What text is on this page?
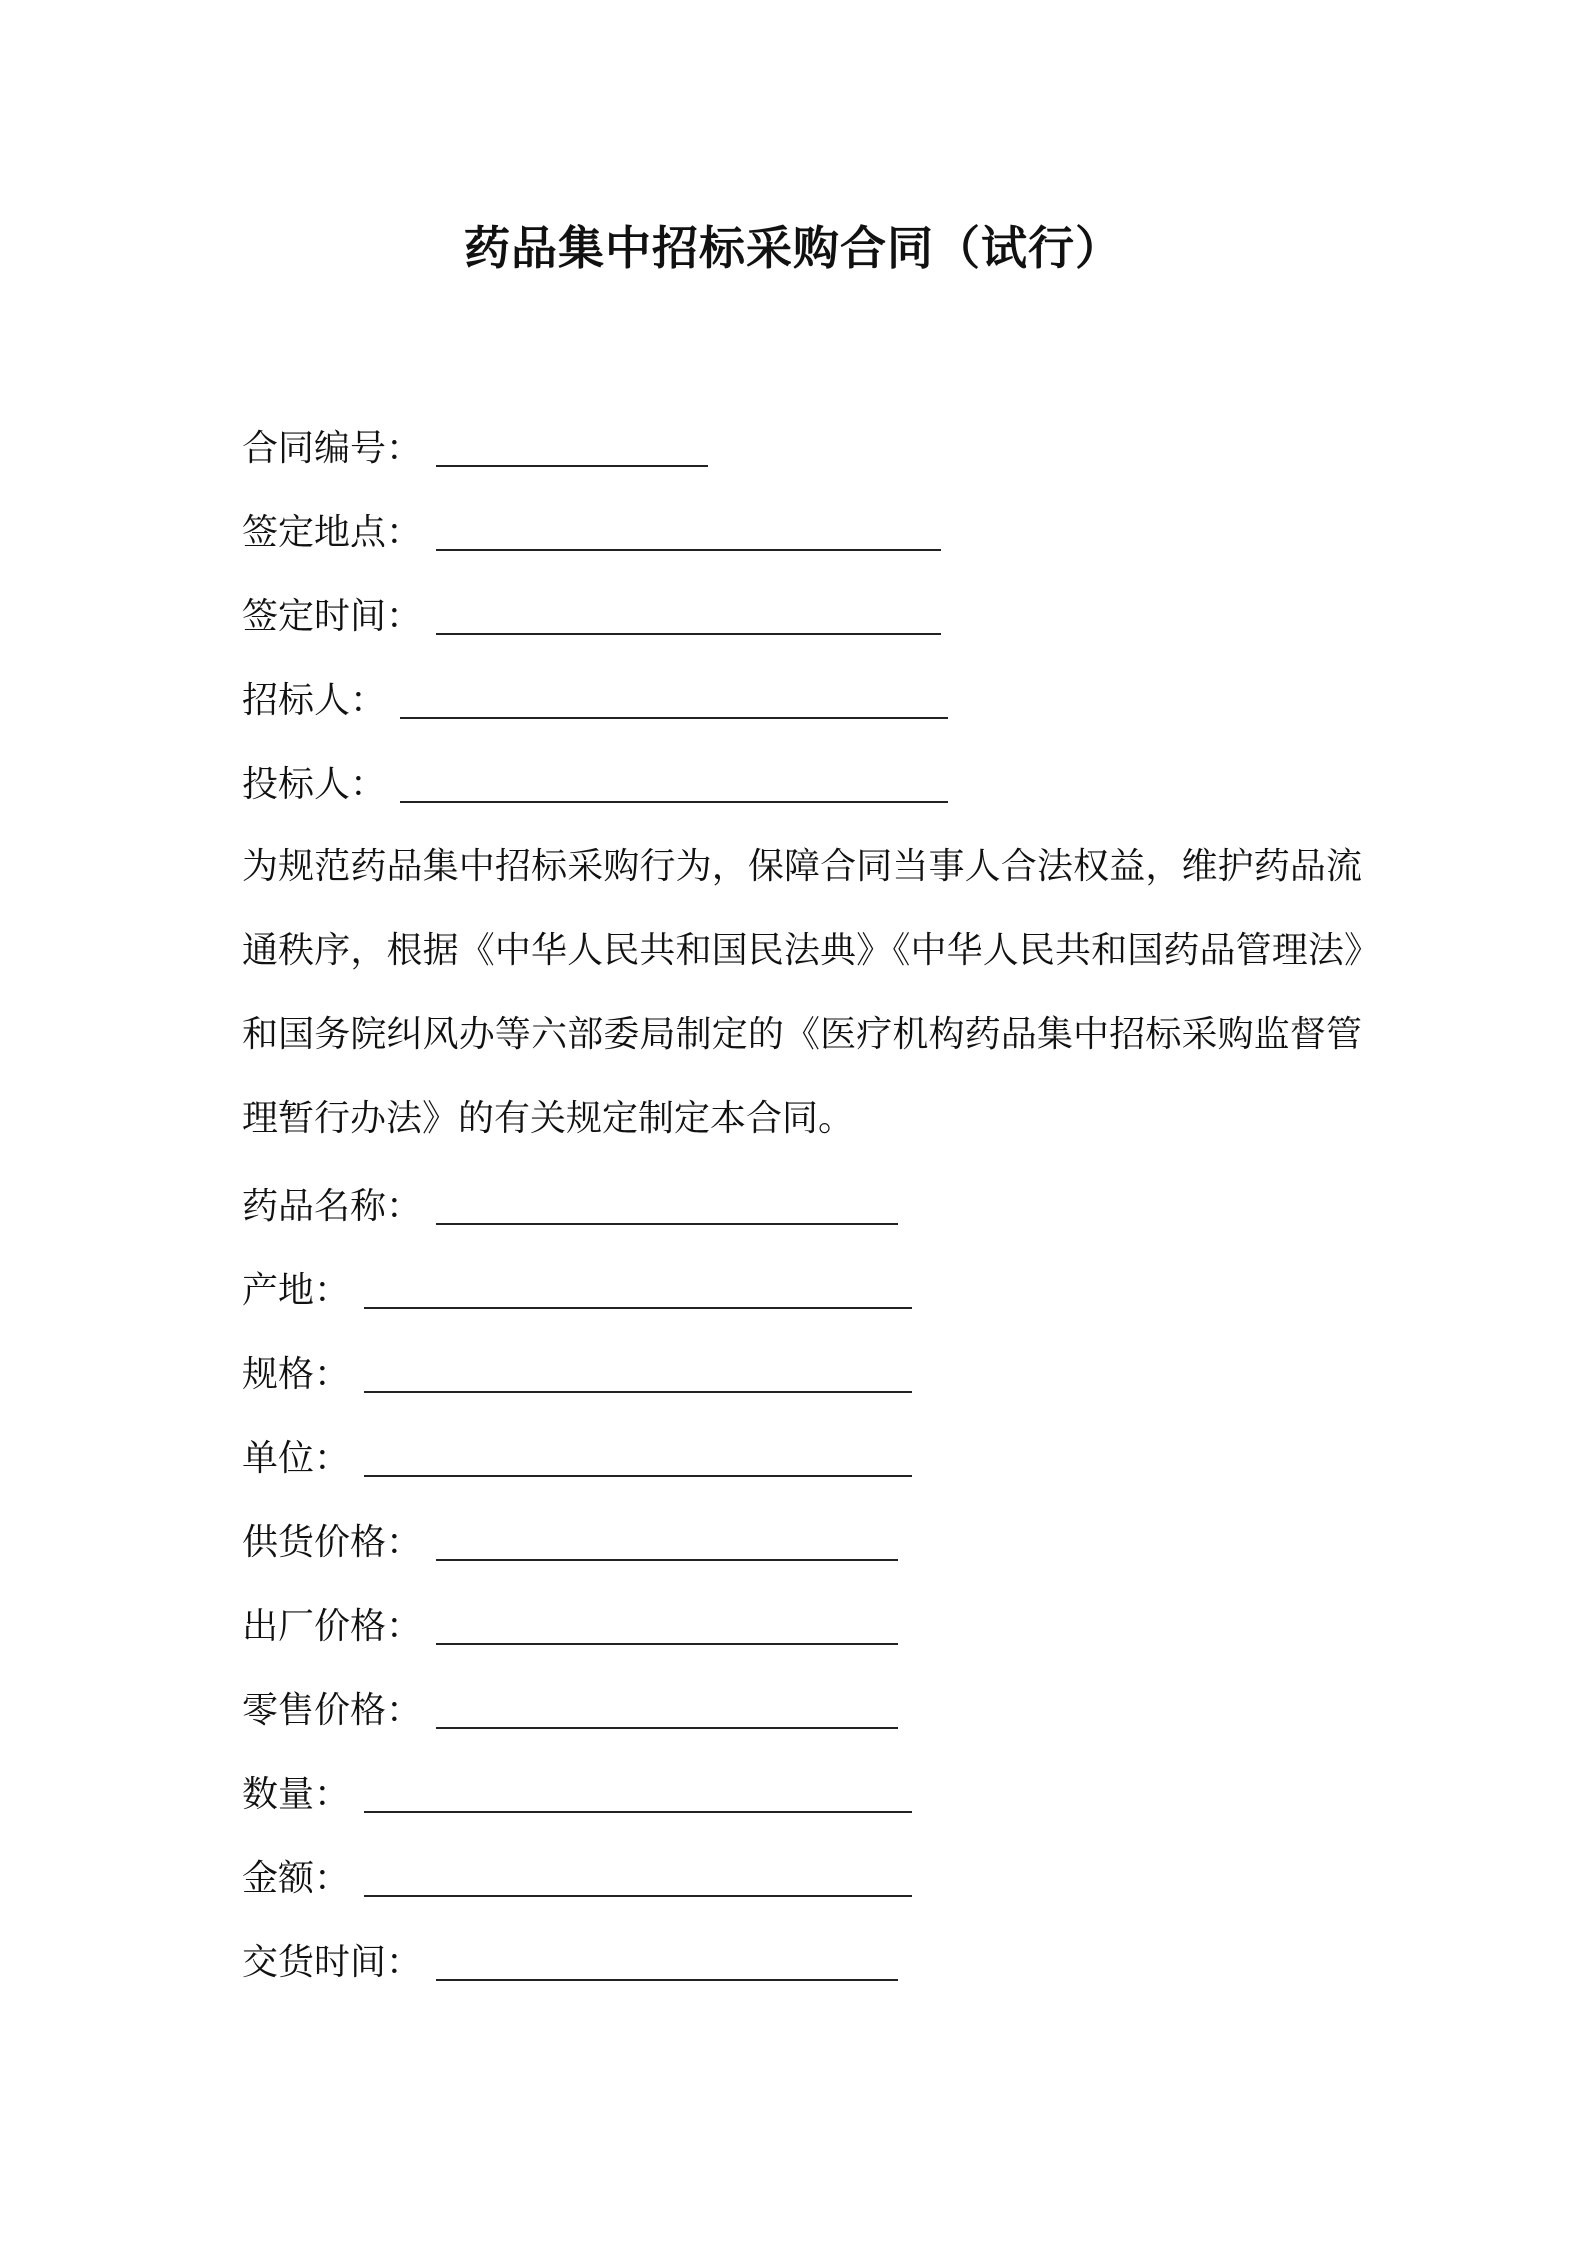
药品集中招标采购合同（试行）
合同编号：
签定地点：
签定时间：
招标人：
投标人：

为规范药品集中招标采购行为，保障合同当事人合法权益，维护药品流通秩序，根据《中华人民共和国民法典》《中华人民共和国药品管理法》和国务院纠风办等六部委局制定的《医疗机构药品集中招标采购监督管理暂行办法》的有关规定制定本合同。

药品名称：
产地：
规格：
单位：
供货价格：
出厂价格：
零售价格：
数量：
金额：
交货时间：
